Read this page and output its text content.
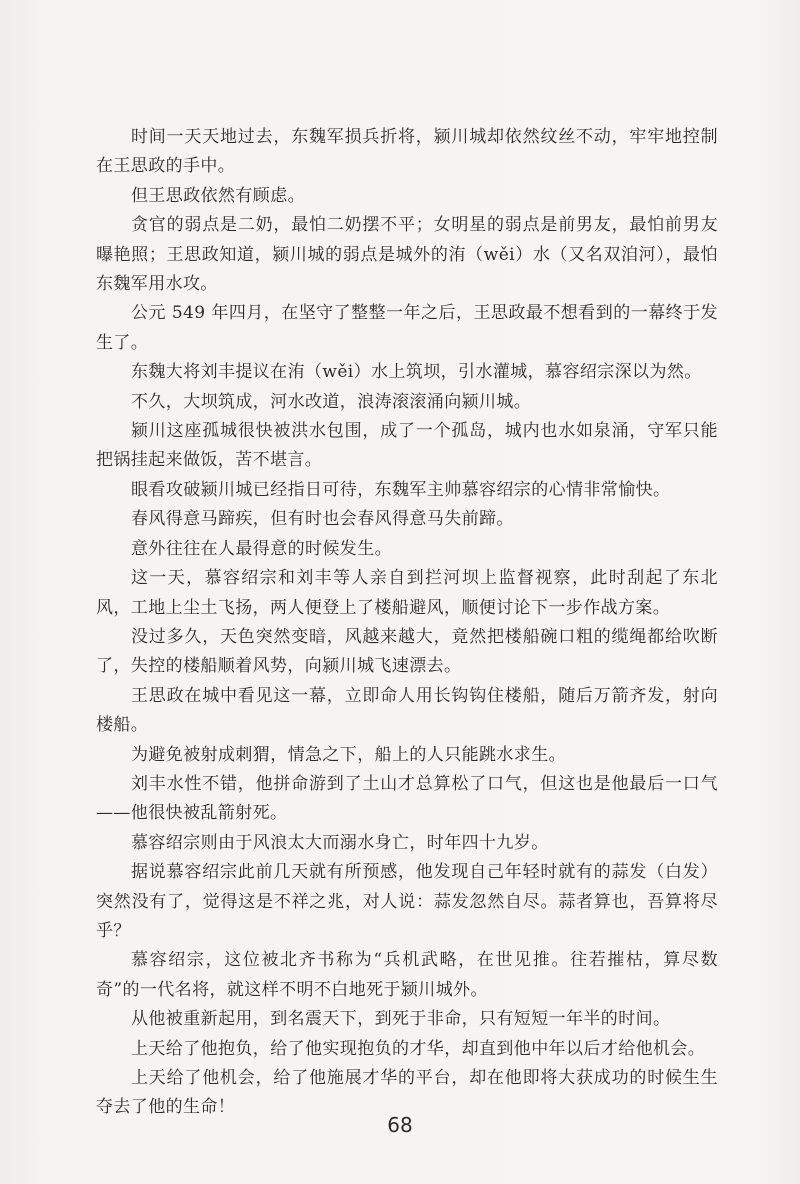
时间一天天地过去，东魏军损兵折将，颍川城却依然纹丝不动，牢牢地控制在王思政的手中。

但王思政依然有顾虑。

贪官的弱点是二奶，最怕二奶摆不平；女明星的弱点是前男友，最怕前男友曝艳照；王思政知道，颍川城的弱点是城外的洧（wěi）水（又名双洎河），最怕东魏军用水攻。

公元 549 年四月，在坚守了整整一年之后，王思政最不想看到的一幕终于发生了。

东魏大将刘丰提议在洧（wěi）水上筑坝，引水灌城，慕容绍宗深以为然。

不久，大坝筑成，河水改道，浪涛滚滚涌向颍川城。

颍川这座孤城很快被洪水包围，成了一个孤岛，城内也水如泉涌，守军只能把锅挂起来做饭，苦不堪言。

眼看攻破颍川城已经指日可待，东魏军主帅慕容绍宗的心情非常愉快。

春风得意马蹄疾，但有时也会春风得意马失前蹄。

意外往往在人最得意的时候发生。

这一天，慕容绍宗和刘丰等人亲自到拦河坝上监督视察，此时刮起了东北风，工地上尘土飞扬，两人便登上了楼船避风，顺便讨论下一步作战方案。

没过多久，天色突然变暗，风越来越大，竟然把楼船碗口粗的缆绳都给吹断了，失控的楼船顺着风势，向颍川城飞速漂去。

王思政在城中看见这一幕，立即命人用长钩钩住楼船，随后万箭齐发，射向楼船。

为避免被射成刺猬，情急之下，船上的人只能跳水求生。

刘丰水性不错，他拼命游到了土山才总算松了口气，但这也是他最后一口气——他很快被乱箭射死。

慕容绍宗则由于风浪太大而溺水身亡，时年四十九岁。

据说慕容绍宗此前几天就有所预感，他发现自己年轻时就有的蒜发（白发）突然没有了，觉得这是不祥之兆，对人说：蒜发忽然自尽。蒜者算也，吾算将尽乎？

慕容绍宗，这位被北齐书称为“兵机武略，在世见推。往若摧枯，算尽数奇”的一代名将，就这样不明不白地死于颍川城外。

从他被重新起用，到名震天下，到死于非命，只有短短一年半的时间。

上天给了他抱负，给了他实现抱负的才华，却直到他中年以后才给他机会。

上天给了他机会，给了他施展才华的平台，却在他即将大获成功的时候生生夺去了他的生命！

68
